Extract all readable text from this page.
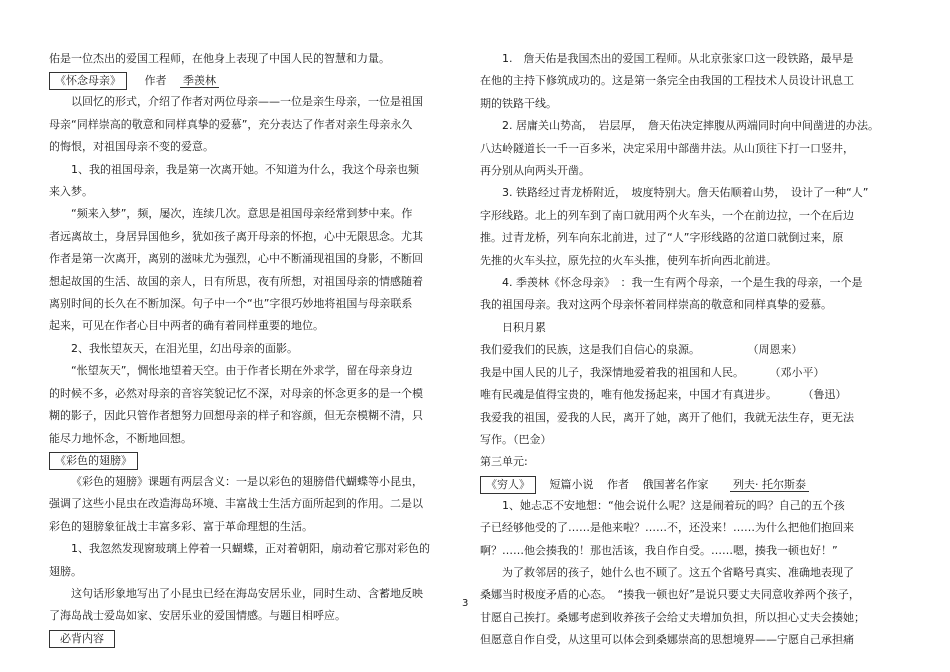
佑是一位杰出的爱国工程师，在他身上表现了中国人民的智慧和力量。

《怀念母亲》 作者 季羡林

以回忆的形式，介绍了作者对两位母亲——一位是亲生母亲，一位是祖国

母亲“同样崇高的敬意和同样真挚的爱慕”，充分表达了作者对亲生母亲永久

的悔恨，对祖国母亲不变的爱意。

1、我的祖国母亲，我是第一次离开她。不知道为什么，我这个母亲也频

来入梦。

“频来入梦”，频，屡次，连续几次。意思是祖国母亲经常到梦中来。作

者远离故土，身居异国他乡，犹如孩子离开母亲的怀抱，心中无限思念。尤其

作者是第一次离开，离别的滋味尤为强烈，心中不断涌现祖国的身影，不断回

想起故国的生活、故国的亲人，日有所思，夜有所想，对祖国母亲的情感随着

离别时间的长久在不断加深。句子中一个“也”字很巧妙地将祖国与母亲联系

起来，可见在作者心目中两者的确有着同样重要的地位。

2、我怅望灰天，在泪光里，幻出母亲的面影。

“怅望灰天”，惆怅地望着天空。由于作者长期在外求学，留在母亲身边

的时候不多，必然对母亲的音容笑貌记忆不深，对母亲的怀念更多的是一个模

糊的影子，因此只管作者想努力回想母亲的样子和容颜，但无奈模糊不清，只

能尽力地怀念，不断地回想。

《彩色的翅膀》

《彩色的翅膀》课题有两层含义：一是以彩色的翅膀借代蝴蝶等小昆虫，

强调了这些小昆虫在改造海岛环境、丰富战士生活方面所起到的作用。二是以

彩色的翅膀象征战士丰富多彩、富于革命理想的生活。

1、我忽然发现窗玻璃上停着一只蝴蝶，正对着朝阳，扇动着它那对彩色的

翅膀。

这句话形象地写出了小昆虫已经在海岛安居乐业，同时生动、含蓄地反映

了海岛战士爱岛如家、安居乐业的爱国情感。与题目相呼应。

必背内容

1.　詹天佑是我国杰出的爱国工程师。从北京张家口这一段铁路，最早是

在他的主持下修筑成功的。这是第一条完全由我国的工程技术人员设计讯息工

期的铁路干线。

2. 居庸关山势高，　岩层厚，　詹天佑决定摔腹从两端同时向中间凿进的办法。

八达岭隧道长一千一百多米，决定采用中部凿井法。从山顶往下打一口竖井，

再分别从向两头开凿。

3. 铁路经过青龙桥附近，　坡度特别大。詹天佑顺着山势，　设计了一种“人”

字形线路。北上的列车到了南口就用两个火车头，一个在前边拉，一个在后边

推。过青龙桥，列车向东北前进，过了“人”字形线路的岔道口就倒过来，原

先推的火车头拉，原先拉的火车头推，使列车折向西北前进。

4. 季羡林《怀念母亲》　：我一生有两个母亲，一个是生我的母亲，一个是

我的祖国母亲。我对这两个母亲怀着同样崇高的敬意和同样真挚的爱慕。

日积月累

我们爱我们的民族，这是我们自信心的泉源。	（周恩来）

我是中国人民的儿子，我深情地爱着我的祖国和人民。 （邓小平）

唯有民魂是值得宝贵的，唯有他发扬起来，中国才有真进步。 （鲁迅）

我爱我的祖国，爱我的人民，离开了她，离开了他们，我就无法生存，更无法

写作。（巴金）

第三单元:

《穷人》 短篇小说 作者 俄国著名作家 列夫· 托尔斯泰

1、她忐忑不安地想：“他会说什么呢？这是闹着玩的吗？自己的五个孩

子已经够他受的了……是他来啦？……不，还没来！……为什么把他们抱回来

啊？……他会揍我的！那也活该，我自作自受。……嗯，揍我一顿也好！”

为了救邻居的孩子，她什么也不顾了。这五个省略号真实、准确地表现了

桑娜当时极度矛盾的心态。　“揍我一顿也好”是说只要丈夫同意收养两个孩子，

甘愿自己挨打。桑娜考虑到收养孩子会给丈夫增加负担，所以担心丈夫会揍她；

但愿意自作自受，从这里可以体会到桑娜崇高的思想境界——宁愿自己承担痛

3
